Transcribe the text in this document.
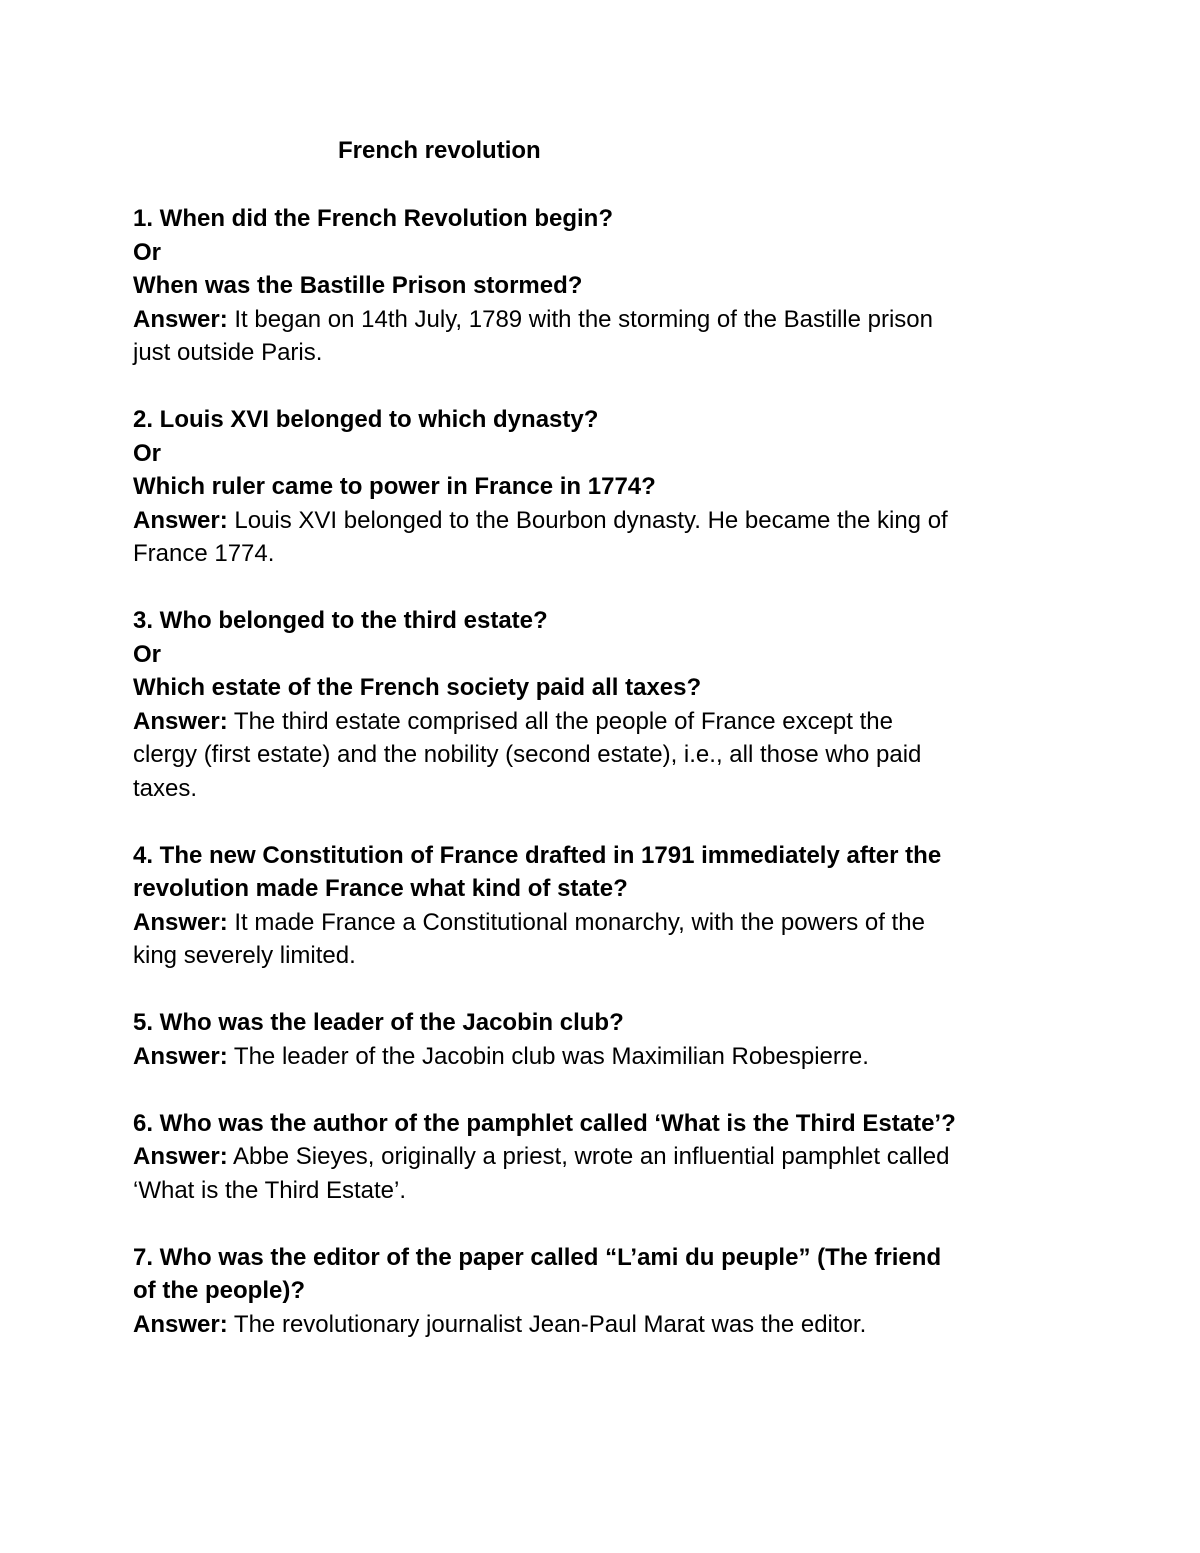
French revolution

1. When did the French Revolution begin?

Or

When was the Bastille Prison stormed?

Answer: It began on 14th July, 1789 with the storming of the Bastille prison just outside Paris.

2. Louis XVI belonged to which dynasty?

Or

Which ruler came to power in France in 1774?

Answer: Louis XVI belonged to the Bourbon dynasty. He became the king of France 1774.

3. Who belonged to the third estate?

Or

Which estate of the French society paid all taxes?

Answer: The third estate comprised all the people of France except the clergy (first estate) and the nobility (second estate), i.e., all those who paid taxes.

4. The new Constitution of France drafted in 1791 immediately after the revolution made France what kind of state?

Answer: It made France a Constitutional monarchy, with the powers of the king severely limited.

5. Who was the leader of the Jacobin club?

Answer: The leader of the Jacobin club was Maximilian Robespierre.

6. Who was the author of the pamphlet called ‘What is the Third Estate’?

Answer: Abbe Sieyes, originally a priest, wrote an influential pamphlet called ‘What is the Third Estate’.

7. Who was the editor of the paper called “L’ami du peuple” (The friend of the people)?

Answer: The revolutionary journalist Jean-Paul Marat was the editor.
